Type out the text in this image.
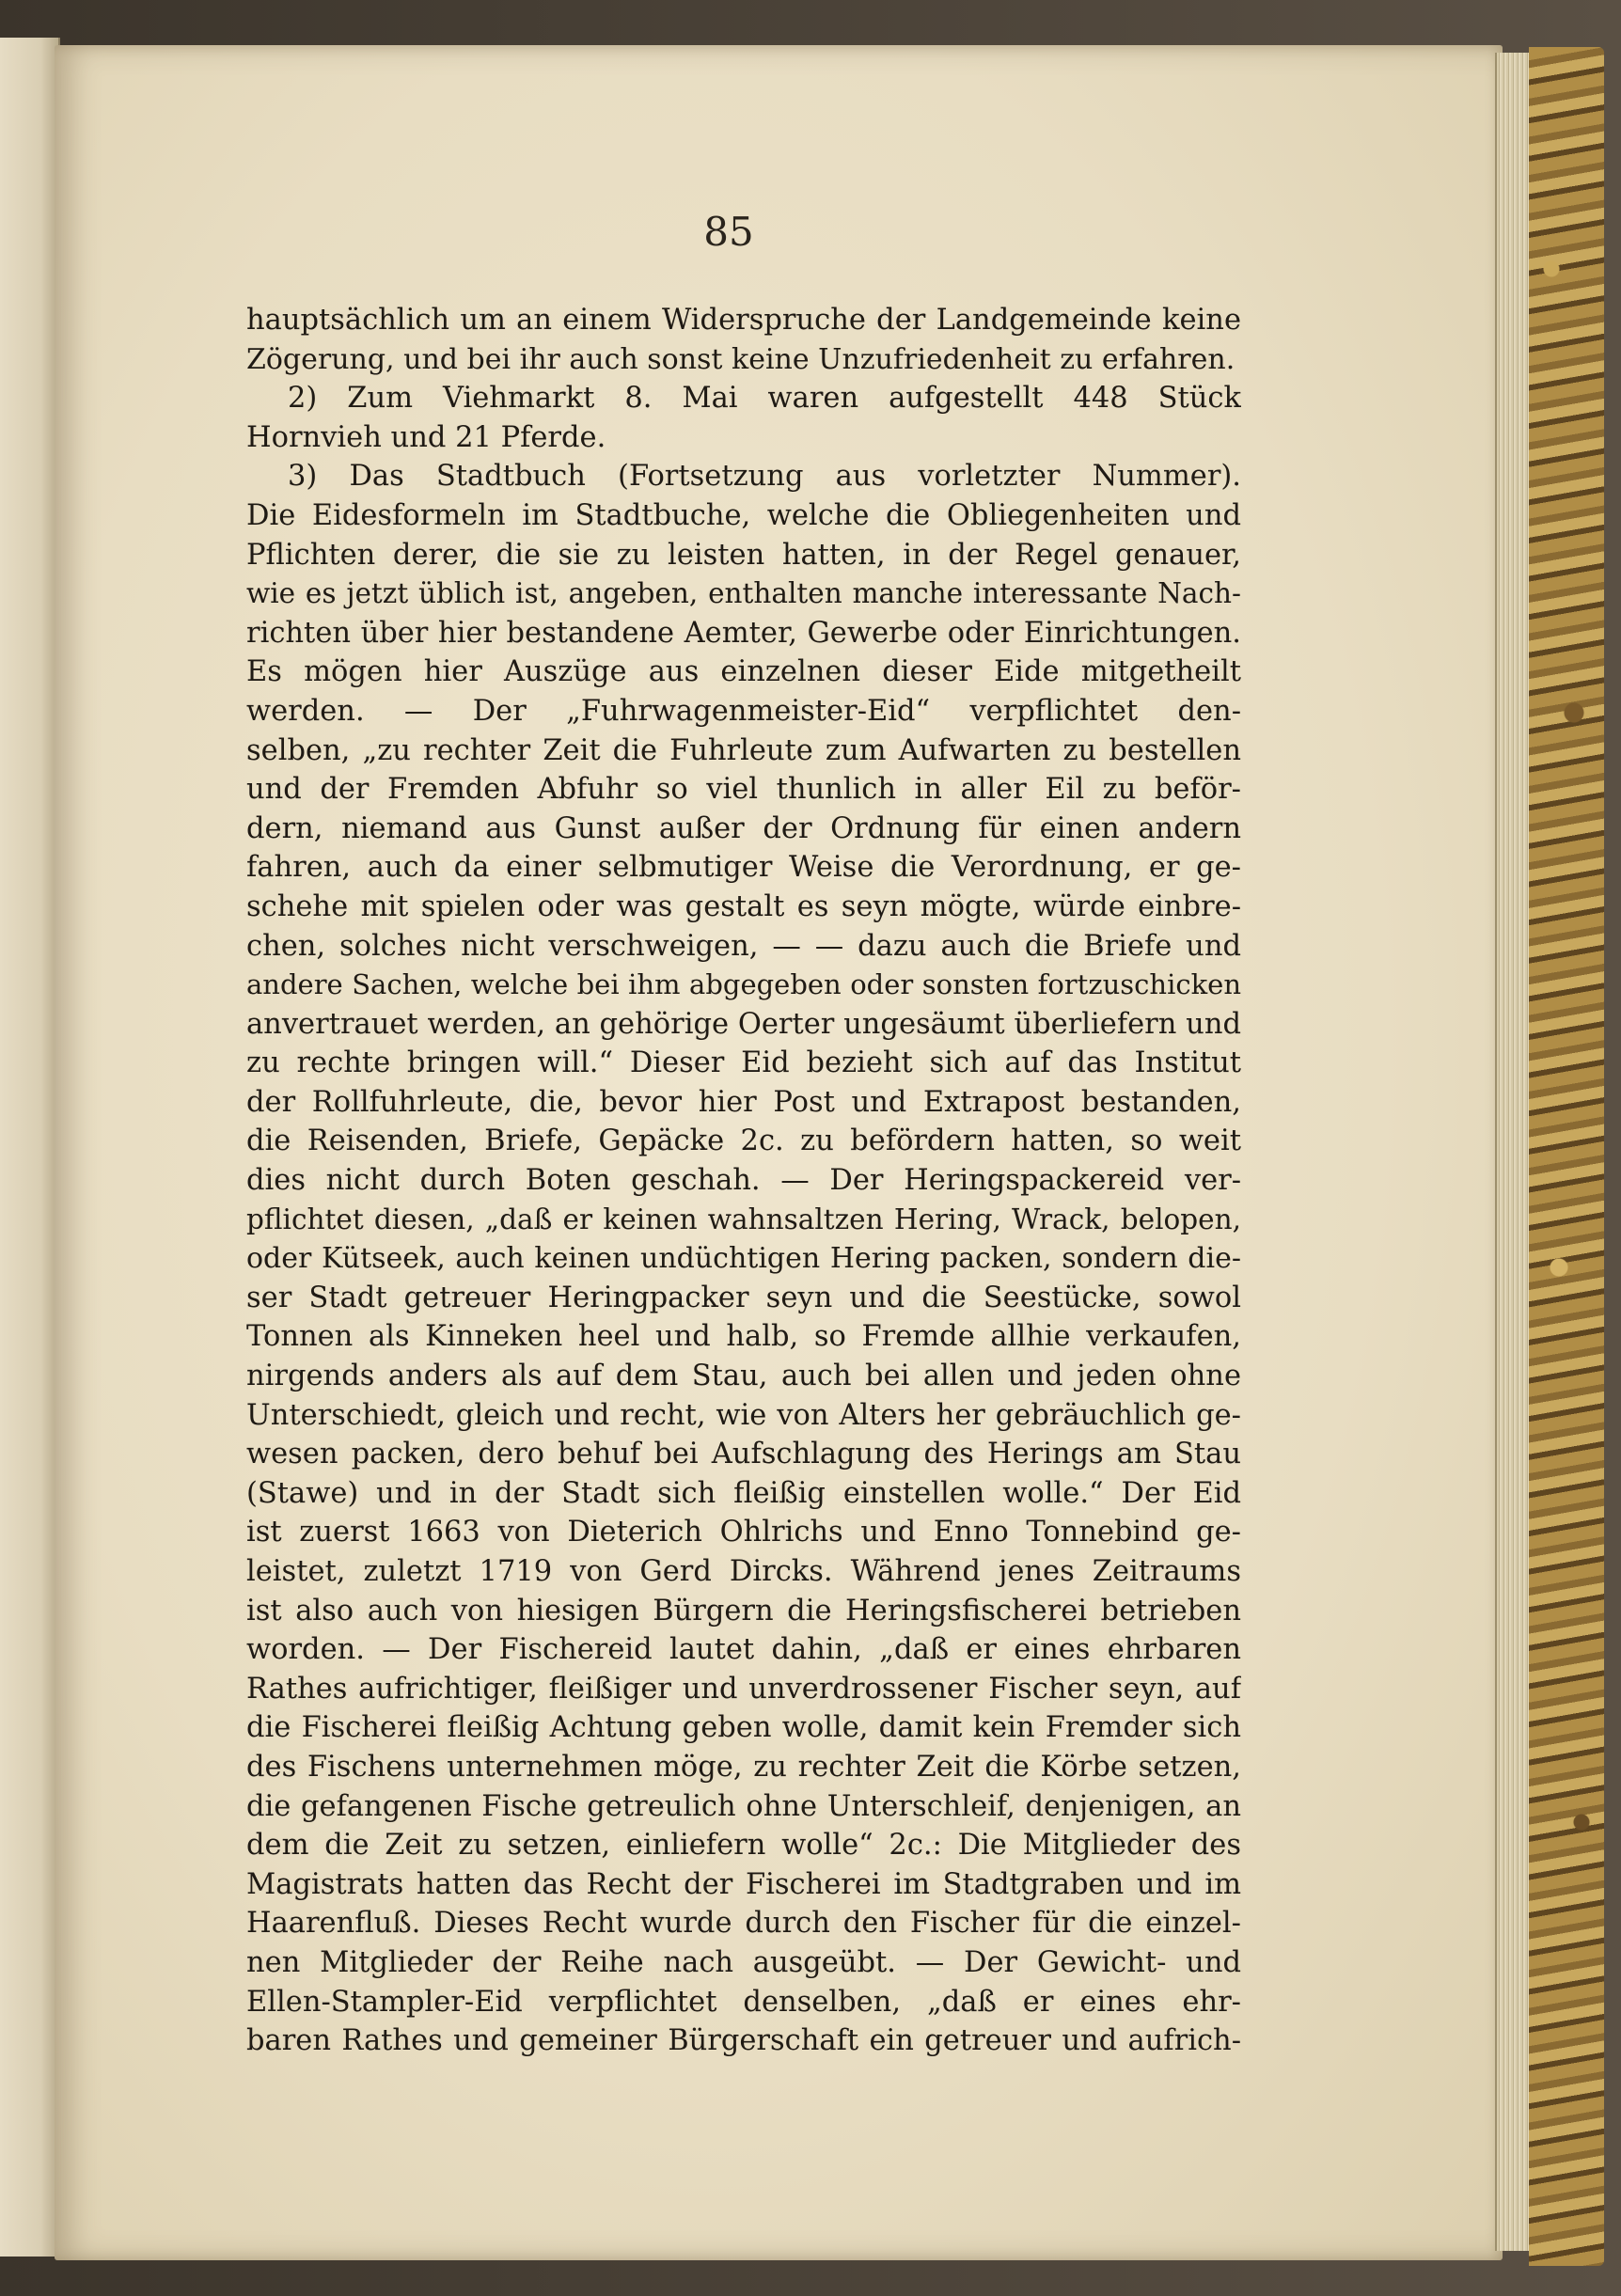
85
hauptsächlich um an einem Widerspruche der Landgemeinde keine
Zögerung, und bei ihr auch sonst keine Unzufriedenheit zu erfahren.
2) Zum Viehmarkt 8. Mai waren aufgestellt 448 Stück
Hornvieh und 21 Pferde.
3) Das Stadtbuch (Fortsetzung aus vorletzter Nummer).
Die Eidesformeln im Stadtbuche, welche die Obliegenheiten und
Pflichten derer, die sie zu leisten hatten, in der Regel genauer,
wie es jetzt üblich ist, angeben, enthalten manche interessante Nach-
richten über hier bestandene Aemter, Gewerbe oder Einrichtungen.
Es mögen hier Auszüge aus einzelnen dieser Eide mitgetheilt
werden. — Der „Fuhrwagenmeister-Eid“ verpflichtet den-
selben, „zu rechter Zeit die Fuhrleute zum Aufwarten zu bestellen
und der Fremden Abfuhr so viel thunlich in aller Eil zu beför-
dern, niemand aus Gunst außer der Ordnung für einen andern
fahren, auch da einer selbmutiger Weise die Verordnung, er ge-
schehe mit spielen oder was gestalt es seyn mögte, würde einbre-
chen, solches nicht verschweigen, — — dazu auch die Briefe und
andere Sachen, welche bei ihm abgegeben oder sonsten fortzuschicken
anvertrauet werden, an gehörige Oerter ungesäumt überliefern und
zu rechte bringen will.“ Dieser Eid bezieht sich auf das Institut
der Rollfuhrleute, die, bevor hier Post und Extrapost bestanden,
die Reisenden, Briefe, Gepäcke 2c. zu befördern hatten, so weit
dies nicht durch Boten geschah. — Der Heringspackereid ver-
pflichtet diesen, „daß er keinen wahnsaltzen Hering, Wrack, belopen,
oder Kütseek, auch keinen undüchtigen Hering packen, sondern die-
ser Stadt getreuer Heringpacker seyn und die Seestücke, sowol
Tonnen als Kinneken heel und halb, so Fremde allhie verkaufen,
nirgends anders als auf dem Stau, auch bei allen und jeden ohne
Unterschiedt, gleich und recht, wie von Alters her gebräuchlich ge-
wesen packen, dero behuf bei Aufschlagung des Herings am Stau
(Stawe) und in der Stadt sich fleißig einstellen wolle.“ Der Eid
ist zuerst 1663 von Dieterich Ohlrichs und Enno Tonnebind ge-
leistet, zuletzt 1719 von Gerd Dircks. Während jenes Zeitraums
ist also auch von hiesigen Bürgern die Heringsfischerei betrieben
worden. — Der Fischereid lautet dahin, „daß er eines ehrbaren
Rathes aufrichtiger, fleißiger und unverdrossener Fischer seyn, auf
die Fischerei fleißig Achtung geben wolle, damit kein Fremder sich
des Fischens unternehmen möge, zu rechter Zeit die Körbe setzen,
die gefangenen Fische getreulich ohne Unterschleif, denjenigen, an
dem die Zeit zu setzen, einliefern wolle“ 2c.: Die Mitglieder des
Magistrats hatten das Recht der Fischerei im Stadtgraben und im
Haarenfluß. Dieses Recht wurde durch den Fischer für die einzel-
nen Mitglieder der Reihe nach ausgeübt. — Der Gewicht- und
Ellen-Stampler-Eid verpflichtet denselben, „daß er eines ehr-
baren Rathes und gemeiner Bürgerschaft ein getreuer und aufrich-
